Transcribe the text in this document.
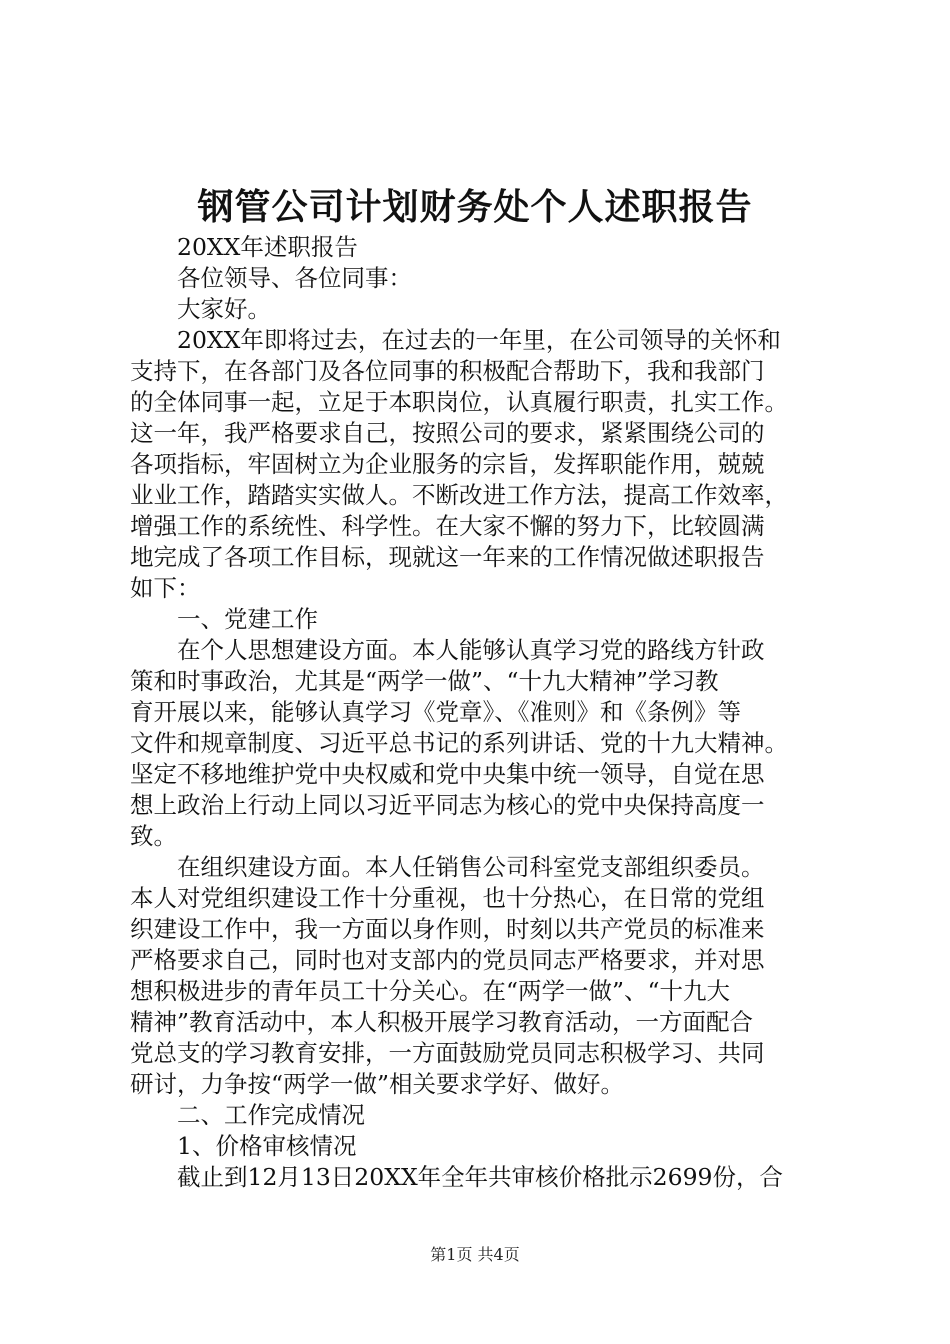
钢管公司计划财务处个人述职报告
20XX年述职报告
各位领导、各位同事：
大家好。
20XX年即将过去，在过去的一年里，在公司领导的关怀和
支持下，在各部门及各位同事的积极配合帮助下，我和我部门
的全体同事一起，立足于本职岗位，认真履行职责，扎实工作。
这一年，我严格要求自己，按照公司的要求，紧紧围绕公司的
各项指标，牢固树立为企业服务的宗旨，发挥职能作用，兢兢
业业工作，踏踏实实做人。不断改进工作方法，提高工作效率，
增强工作的系统性、科学性。在大家不懈的努力下，比较圆满
地完成了各项工作目标，现就这一年来的工作情况做述职报告
如下：
一、党建工作
在个人思想建设方面。本人能够认真学习党的路线方针政
策和时事政治，尤其是“两学一做”、“十九大精神”学习教
育开展以来，能够认真学习《党章》、《准则》和《条例》等
文件和规章制度、习近平总书记的系列讲话、党的十九大精神。
坚定不移地维护党中央权威和党中央集中统一领导，自觉在思
想上政治上行动上同以习近平同志为核心的党中央保持高度一
致。
在组织建设方面。本人任销售公司科室党支部组织委员。
本人对党组织建设工作十分重视，也十分热心，在日常的党组
织建设工作中，我一方面以身作则，时刻以共产党员的标准来
严格要求自己，同时也对支部内的党员同志严格要求，并对思
想积极进步的青年员工十分关心。在“两学一做”、“十九大
精神”教育活动中，本人积极开展学习教育活动，一方面配合
党总支的学习教育安排，一方面鼓励党员同志积极学习、共同
研讨，力争按“两学一做”相关要求学好、做好。
二、工作完成情况
1、价格审核情况
截止到12月13日20XX年全年共审核价格批示2699份，合
第1页 共4页
